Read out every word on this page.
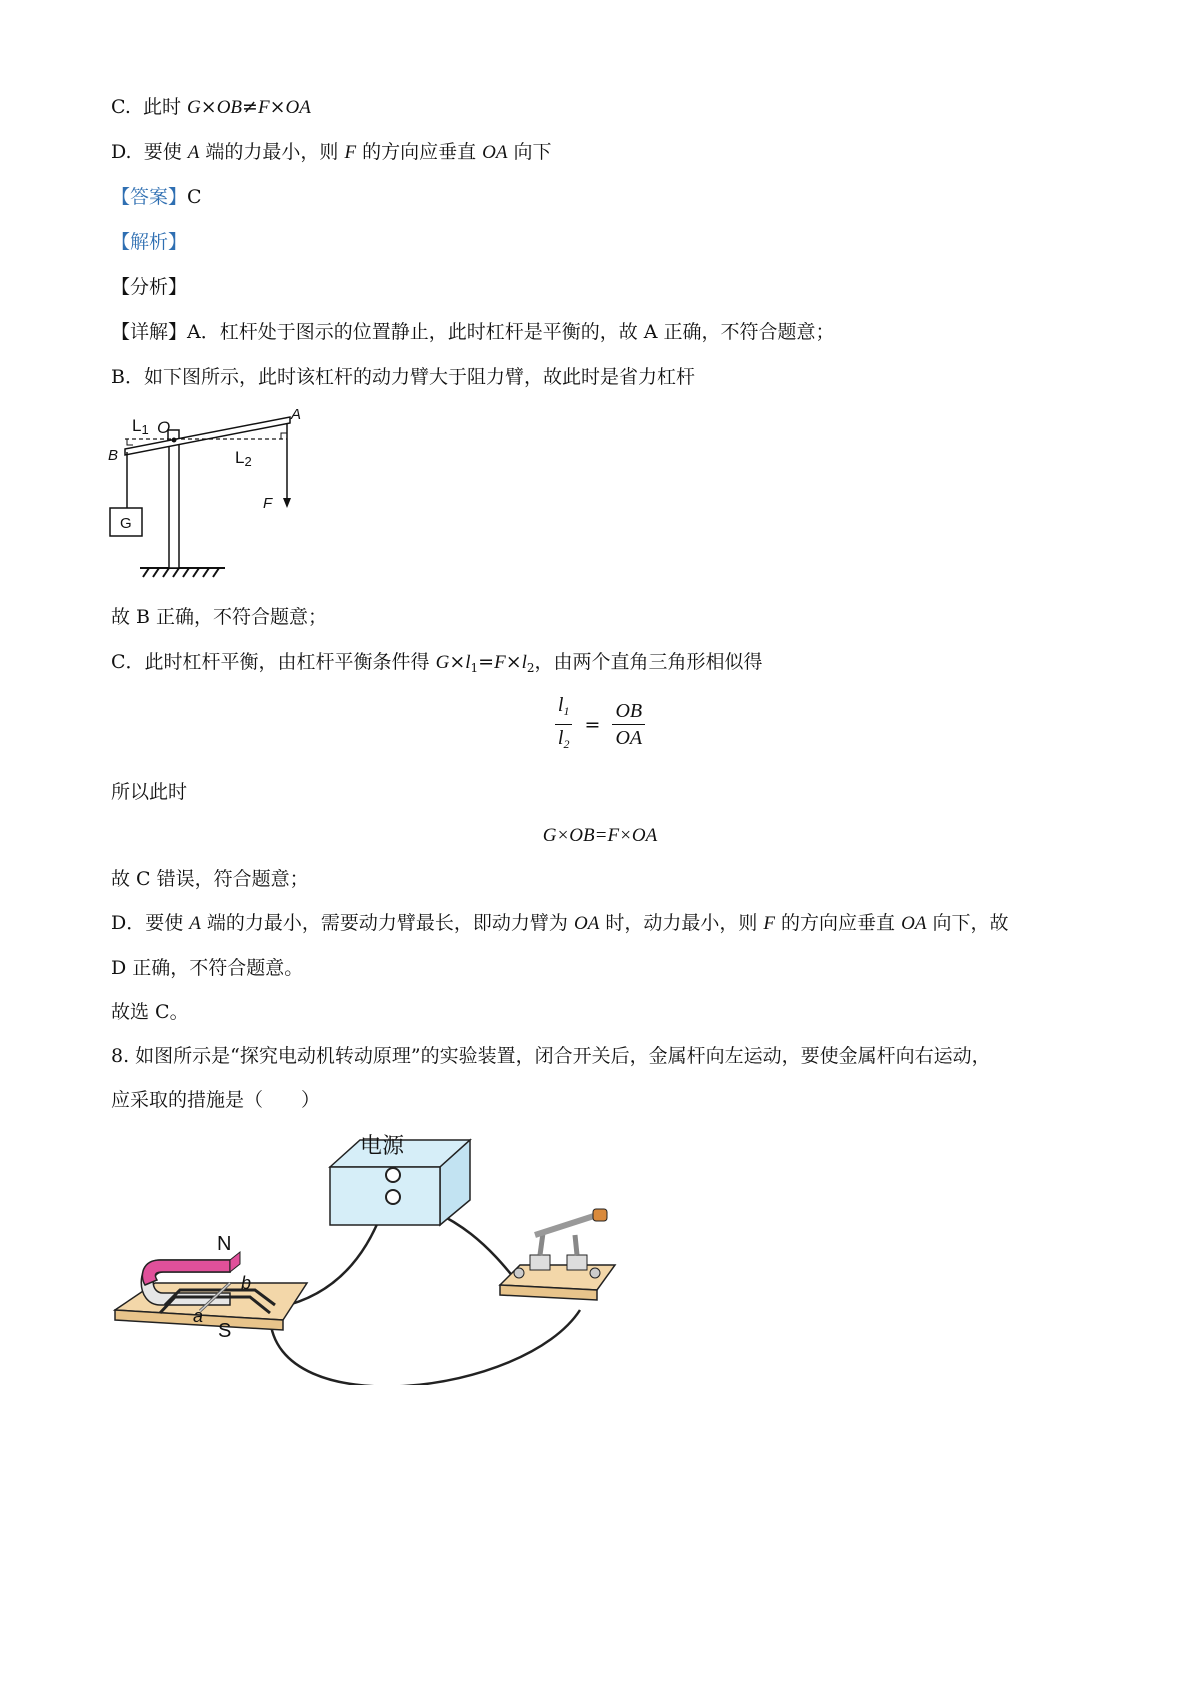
C. 此时 G×OB≠F×OA
D. 要使 A 端的力最小，则 F 的方向应垂直 OA 向下
【答案】C
【解析】
【分析】
【详解】A．杠杆处于图示的位置静止，此时杠杆是平衡的，故 A 正确，不符合题意；
B．如下图所示，此时该杠杆的动力臂大于阻力臂，故此时是省力杠杆
L1 O
A
B	L2
F
G
故 B 正确，不符合题意；
C．此时杠杆平衡，由杠杆平衡条件得 $G\times l_1=F\times l_2$，由两个直角三角形相似得
$\frac{l_1}{l_2} = \frac{OB}{OA}$
所以此时
G×OB=F×OA
故 C 错误，符合题意；
D．要使 A 端的力最小，需要动力臂最长，即动力臂为 OA 时，动力最小，则 F 的方向应垂直 OA 向下，故
D 正确，不符合题意。
故选 C。
8. 如图所示是“探究电动机转动原理”的实验装置，闭合开关后，金属杆向左运动，要使金属杆向右运动，
应采取的措施是（　　）
电源
N
S
a
b
